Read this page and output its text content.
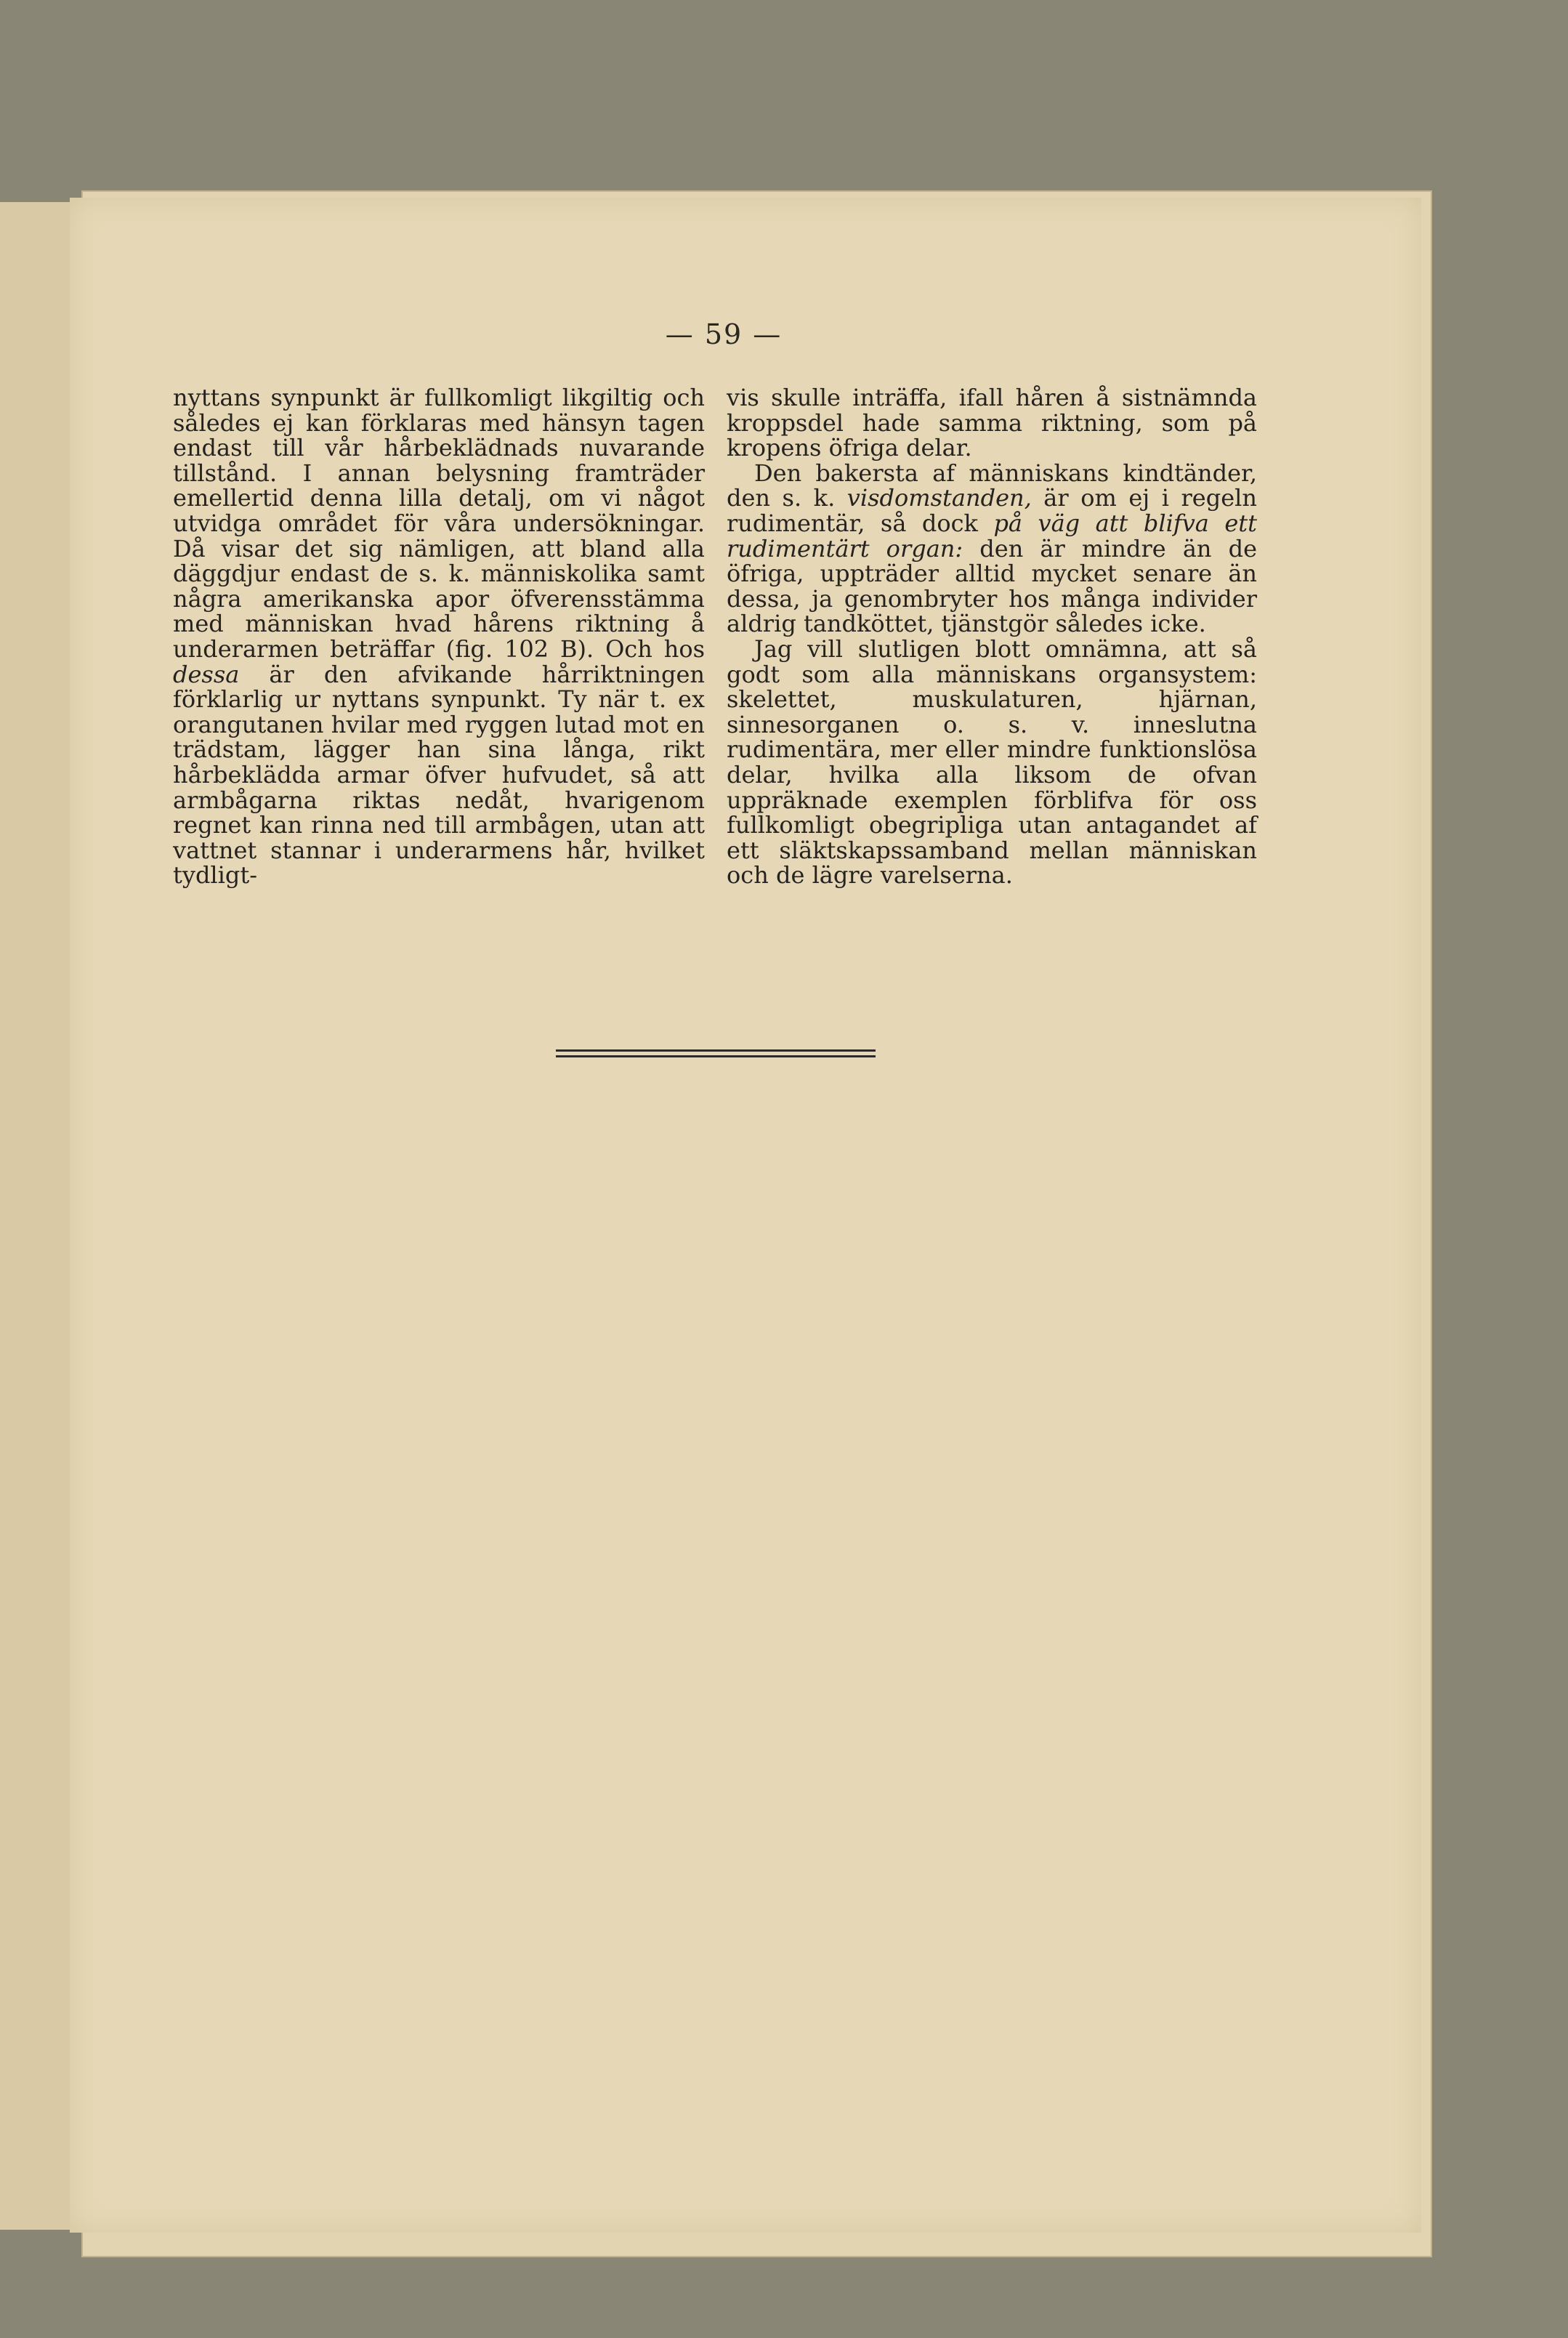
— 59 —

nyttans synpunkt är fullkomligt likgiltig och således ej kan förklaras med hänsyn tagen endast till vår hårbeklädnads nuvarande tillstånd. I annan belysning framträder emellertid denna lilla detalj, om vi något utvidga området för våra undersökningar. Då visar det sig nämligen, att bland alla däggdjur endast de s. k. människolika samt några amerikanska apor öfverensstämma med människan hvad hårens riktning å underarmen beträffar (fig. 102 B). Och hos dessa är den afvikande hårriktningen förklarlig ur nyttans synpunkt. Ty när t. ex orangutanen hvilar med ryggen lutad mot en trädstam, lägger han sina långa, rikt hårbeklädda armar öfver hufvudet, så att armbågarna riktas nedåt, hvarigenom regnet kan rinna ned till armbågen, utan att vattnet stannar i underarmens hår, hvilket tydligt-

vis skulle inträffa, ifall håren å sistnämnda kroppsdel hade samma riktning, som på kropens öfriga delar.

Den bakersta af människans kindtänder, den s. k. visdomstanden, är om ej i regeln rudimentär, så dock på väg att blifva ett rudimentärt organ: den är mindre än de öfriga, uppträder alltid mycket senare än dessa, ja genombryter hos många individer aldrig tandköttet, tjänstgör således icke.

Jag vill slutligen blott omnämna, att så godt som alla människans organsystem: skelettet, muskulaturen, hjärnan, sinnesorganen o. s. v. inneslutna rudimentära, mer eller mindre funktionslösa delar, hvilka alla liksom de ofvan uppräknade exemplen förblifva för oss fullkomligt obegripliga utan antagandet af ett släktskapssamband mellan människan och de lägre varelserna.
